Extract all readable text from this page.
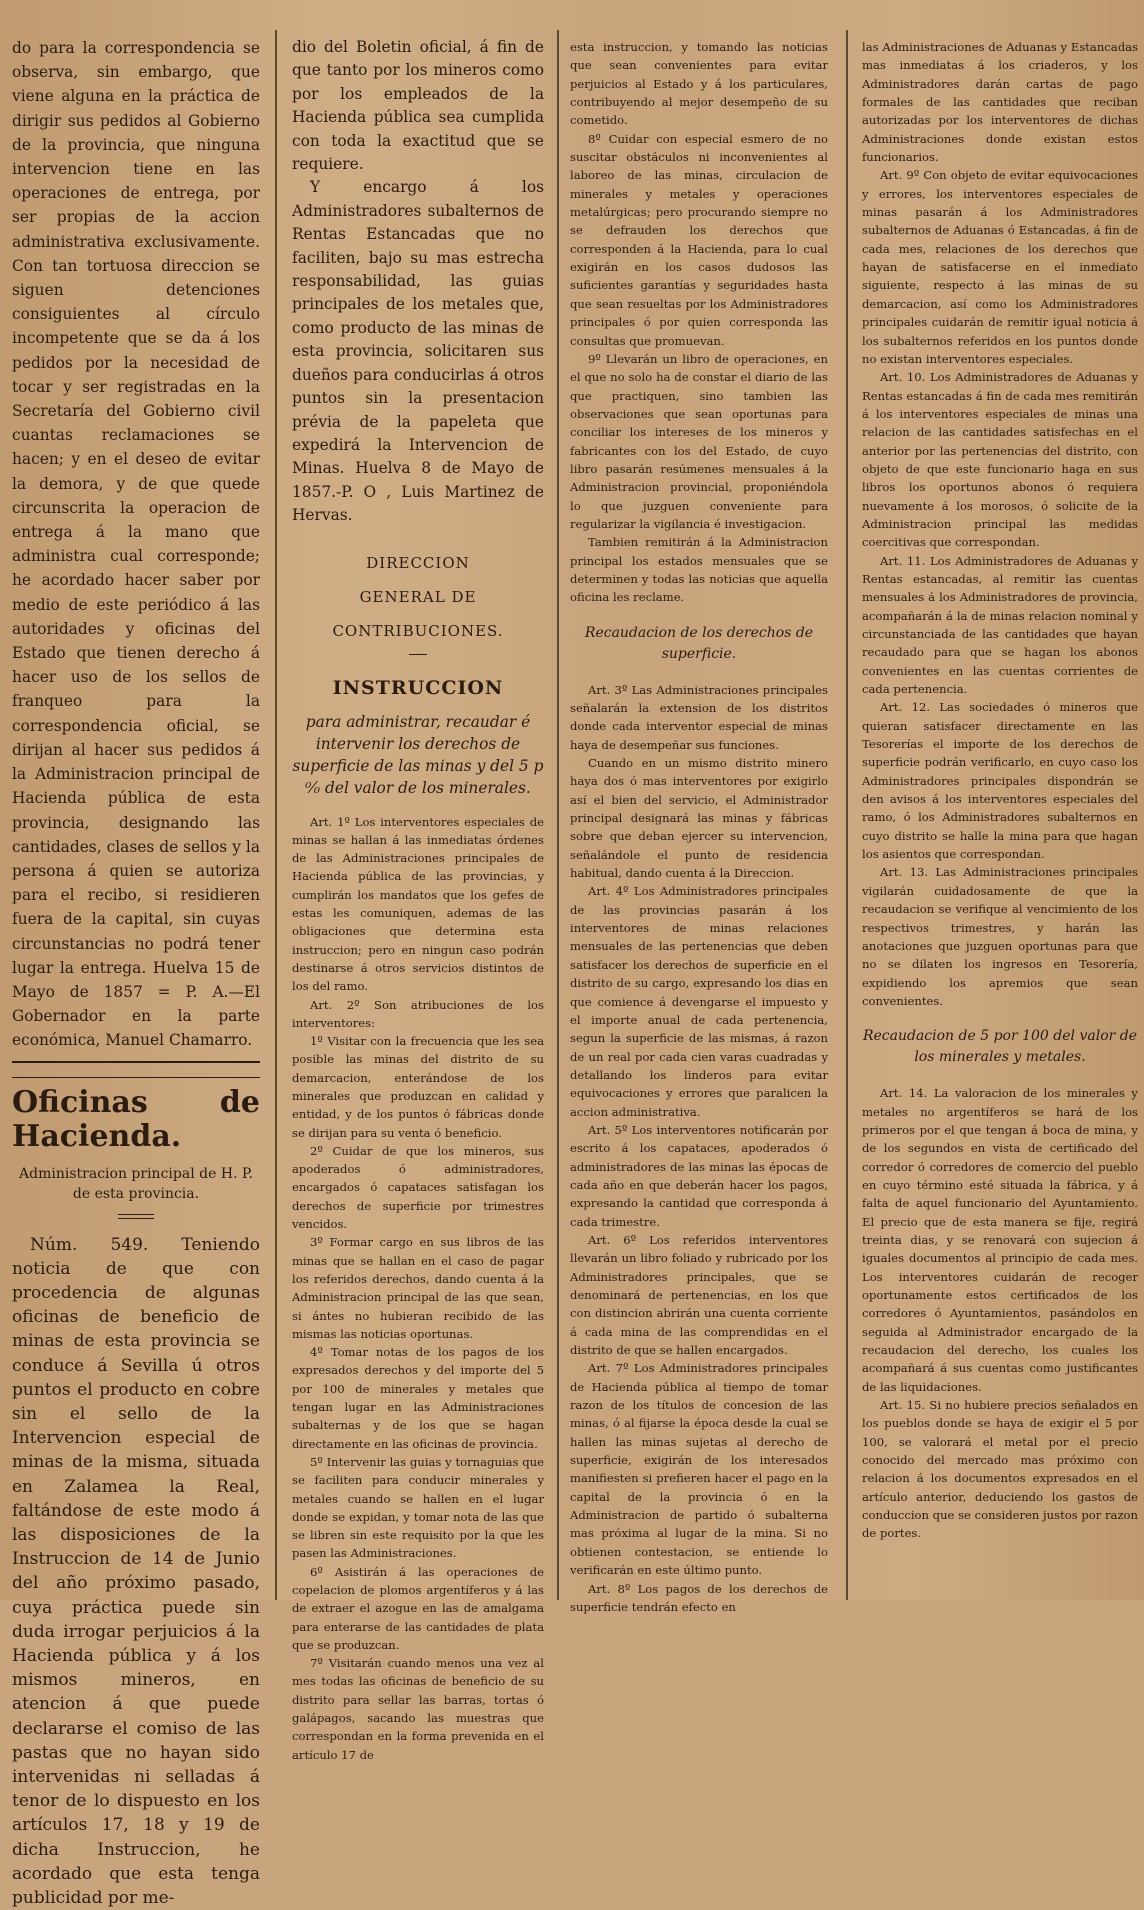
do para la correspondencia se observa, sin embargo, que viene alguna en la práctica de dirigir sus pedidos al Gobierno de la provincia, que ninguna intervencion tiene en las operaciones de entrega, por ser propias de la accion administrativa exclusivamente. Con tan tortuosa direccion se siguen detenciones consiguientes al círculo incompetente que se da á los pedidos por la necesidad de tocar y ser registradas en la Secretaría del Gobierno civil cuantas reclamaciones se hacen; y en el deseo de evitar la demora, y de que quede circunscrita la operacion de entrega á la mano que administra cual corresponde; he acordado hacer saber por medio de este periódico á las autoridades y oficinas del Estado que tienen derecho á hacer uso de los sellos de franqueo para la correspondencia oficial, se dirijan al hacer sus pedidos á la Administracion principal de Hacienda pública de esta provincia, designando las cantidades, clases de sellos y la persona á quien se autoriza para el recibo, si residieren fuera de la capital, sin cuyas circunstancias no podrá tener lugar la entrega. Huelva 15 de Mayo de 1857 = P. A.—El Gobernador en la parte económica, Manuel Chamarro.

Oficinas de Hacienda.
Administracion principal de H. P. de esta provincia.

Núm. 549. Teniendo noticia de que con procedencia de algunas oficinas de beneficio de minas de esta provincia se conduce á Sevilla ú otros puntos el producto en cobre sin el sello de la Intervencion especial de minas de la misma, situada en Zalamea la Real, faltándose de este modo á las disposiciones de la Instruccion de 14 de Junio del año próximo pasado, cuya práctica puede sin duda irrogar perjuicios á la Hacienda pública y á los mismos mineros, en atencion á que puede declararse el comiso de las pastas que no hayan sido intervenidas ni selladas á tenor de lo dispuesto en los artículos 17, 18 y 19 de dicha Instruccion, he acordado que esta tenga publicidad por me-

dio del Boletin oficial, á fin de que tanto por los mineros como por los empleados de la Hacienda pública sea cumplida con toda la exactitud que se requiere.

Y encargo á los Administradores subalternos de Rentas Estancadas que no faciliten, bajo su mas estrecha responsabilidad, las guias principales de los metales que, como producto de las minas de esta provincia, solicitaren sus dueños para conducirlas á otros puntos sin la presentacion prévia de la papeleta que expedirá la Intervencion de Minas. Huelva 8 de Mayo de 1857.-P. O , Luis Martinez de Hervas.

DIRECCION
GENERAL DE CONTRIBUCIONES.
INSTRUCCION
para administrar, recaudar é intervenir los derechos de superficie de las minas y del 5 p ⁰⁄₀ del valor de los minerales.

Art. 1º Los interventores especiales de minas se hallan á las inmediatas órdenes de las Administraciones principales de Hacienda pública de las provincias, y cumplirán los mandatos que los gefes de estas les comuniquen, ademas de las obligaciones que determina esta instruccion; pero en ningun caso podrán destinarse á otros servicios distintos de los del ramo.

Art. 2º Son atribuciones de los interventores:

1º Visitar con la frecuencia que les sea posible las minas del distrito de su demarcacion, enterándose de los minerales que produzcan en calidad y entidad, y de los puntos ó fábricas donde se dirijan para su venta ó beneficio.

2º Cuidar de que los mineros, sus apoderados ó administradores, encargados ó capataces satisfagan los derechos de superficie por trimestres vencidos.

3º Formar cargo en sus libros de las minas que se hallan en el caso de pagar los referidos derechos, dando cuenta á la Administracion principal de las que sean, si ántes no hubieran recibido de las mismas las noticias oportunas.

4º Tomar notas de los pagos de los expresados derechos y del importe del 5 por 100 de minerales y metales que tengan lugar en las Administraciones subalternas y de los que se hagan directamente en las oficinas de provincia.

5º Intervenir las guias y tornaguias que se faciliten para conducir minerales y metales cuando se hallen en el lugar donde se expidan, y tomar nota de las que se libren sin este requisito por la que les pasen las Administraciones.

6º Asistirán á las operaciones de copelacion de plomos argentíferos y á las de extraer el azogue en las de amalgama para enterarse de las cantidades de plata que se produzcan.

7º Visitarán cuando menos una vez al mes todas las oficinas de beneficio de su distrito para sellar las barras, tortas ó galápagos, sacando las muestras que correspondan en la forma prevenida en el artículo 17 de

esta instruccion, y tomando las noticias que sean convenientes para evitar perjuicios al Estado y á los particulares, contribuyendo al mejor desempeño de su cometido.

8º Cuidar con especial esmero de no suscitar obstáculos ni inconvenientes al laboreo de las minas, circulacion de minerales y metales y operaciones metalúrgicas; pero procurando siempre no se defrauden los derechos que corresponden á la Hacienda, para lo cual exigirán en los casos dudosos las suficientes garantías y seguridades hasta que sean resueltas por los Administradores principales ó por quien corresponda las consultas que promuevan.

9º Llevarán un libro de operaciones, en el que no solo ha de constar el diario de las que practiquen, sino tambien las observaciones que sean oportunas para conciliar los intereses de los mineros y fabricantes con los del Estado, de cuyo libro pasarán resúmenes mensuales á la Administracion provincial, proponiéndola lo que juzguen conveniente para regularizar la vigilancia é investigacion.

Tambien remitirán á la Administracion principal los estados mensuales que se determinen y todas las noticias que aquella oficina les reclame.

Recaudacion de los derechos de superficie.

Art. 3º Las Administraciones principales señalarán la extension de los distritos donde cada interventor especial de minas haya de desempeñar sus funciones.

Cuando en un mismo distrito minero haya dos ó mas interventores por exigirlo así el bien del servicio, el Administrador principal designará las minas y fábricas sobre que deban ejercer su intervencion, señalándole el punto de residencia habitual, dando cuenta á la Direccion.

Art. 4º Los Administradores principales de las provincias pasarán á los interventores de minas relaciones mensuales de las pertenencias que deben satisfacer los derechos de superficie en el distrito de su cargo, expresando los dias en que comience á devengarse el impuesto y el importe anual de cada pertenencia, segun la superficie de las mismas, á razon de un real por cada cien varas cuadradas y detallando los linderos para evitar equivocaciones y errores que paralicen la accion administrativa.

Art. 5º Los interventores notificarán por escrito á los capataces, apoderados ó administradores de las minas las épocas de cada año en que deberán hacer los pagos, expresando la cantidad que corresponda á cada trimestre.

Art. 6º Los referidos interventores llevarán un libro foliado y rubricado por los Administradores principales, que se denominará de pertenencias, en los que con distincion abrirán una cuenta corriente á cada mina de las comprendidas en el distrito de que se hallen encargados.

Art. 7º Los Administradores principales de Hacienda pública al tiempo de tomar razon de los títulos de concesion de las minas, ó al fijarse la época desde la cual se hallen las minas sujetas al derecho de superficie, exigirán de los interesados manifiesten si prefieren hacer el pago en la capital de la provincia ó en la Administracion de partido ó subalterna mas próxima al lugar de la mina. Si no obtienen contestacion, se entiende lo verificarán en este último punto.

Art. 8º Los pagos de los derechos de superficie tendrán efecto en

las Administraciones de Aduanas y Estancadas mas inmediatas á los criaderos, y los Administradores darán cartas de pago formales de las cantidades que reciban autorizadas por los interventores de dichas Administraciones donde existan estos funcionarios.

Art. 9º Con objeto de evitar equivocaciones y errores, los interventores especiales de minas pasarán á los Administradores subalternos de Aduanas ó Estancadas, á fin de cada mes, relaciones de los derechos que hayan de satisfacerse en el inmediato siguiente, respecto á las minas de su demarcacion, así como los Administradores principales cuidarán de remitir igual noticia á los subalternos referidos en los puntos donde no existan interventores especiales.

Art. 10. Los Administradores de Aduanas y Rentas estancadas á fin de cada mes remitirán á los interventores especiales de minas una relacion de las cantidades satisfechas en el anterior por las pertenencias del distrito, con objeto de que este funcionario haga en sus libros los oportunos abonos ó requiera nuevamente á los morosos, ó solicite de la Administracion principal las medidas coercitivas que correspondan.

Art. 11. Los Administradores de Aduanas y Rentas estancadas, al remitir las cuentas mensuales á los Administradores de provincia, acompañarán á la de minas relacion nominal y circunstanciada de las cantidades que hayan recaudado para que se hagan los abonos convenientes en las cuentas corrientes de cada pertenencia.

Art. 12. Las sociedades ó mineros que quieran satisfacer directamente en las Tesorerías el importe de los derechos de superficie podrán verificarlo, en cuyo caso los Administradores principales dispondrán se den avisos á los interventores especiales del ramo, ó los Administradores subalternos en cuyo distrito se halle la mina para que hagan los asientos que correspondan.

Art. 13. Las Administraciones principales vigilarán cuidadosamente de que la recaudacion se verifique al vencimiento de los respectivos trimestres, y harán las anotaciones que juzguen oportunas para que no se dilaten los ingresos en Tesorería, expidiendo los apremios que sean convenientes.

Recaudacion de 5 por 100 del valor de los minerales y metales.

Art. 14. La valoracion de los minerales y metales no argentíferos se hará de los primeros por el que tengan á boca de mina, y de los segundos en vista de certificado del corredor ó corredores de comercio del pueblo en cuyo término esté situada la fábrica, y á falta de aquel funcionario del Ayuntamiento. El precio que de esta manera se fije, regirá treinta dias, y se renovará con sujecion á iguales documentos al principio de cada mes. Los interventores cuidarán de recoger oportunamente estos certificados de los corredores ó Ayuntamientos, pasándolos en seguida al Administrador encargado de la recaudacion del derecho, los cuales los acompañará á sus cuentas como justificantes de las liquidaciones.

Art. 15. Si no hubiere precios señalados en los pueblos donde se haya de exigir el 5 por 100, se valorará el metal por el precio conocido del mercado mas próximo con relacion á los documentos expresados en el artículo anterior, deduciendo los gastos de conduccion que se consideren justos por razon de portes.
